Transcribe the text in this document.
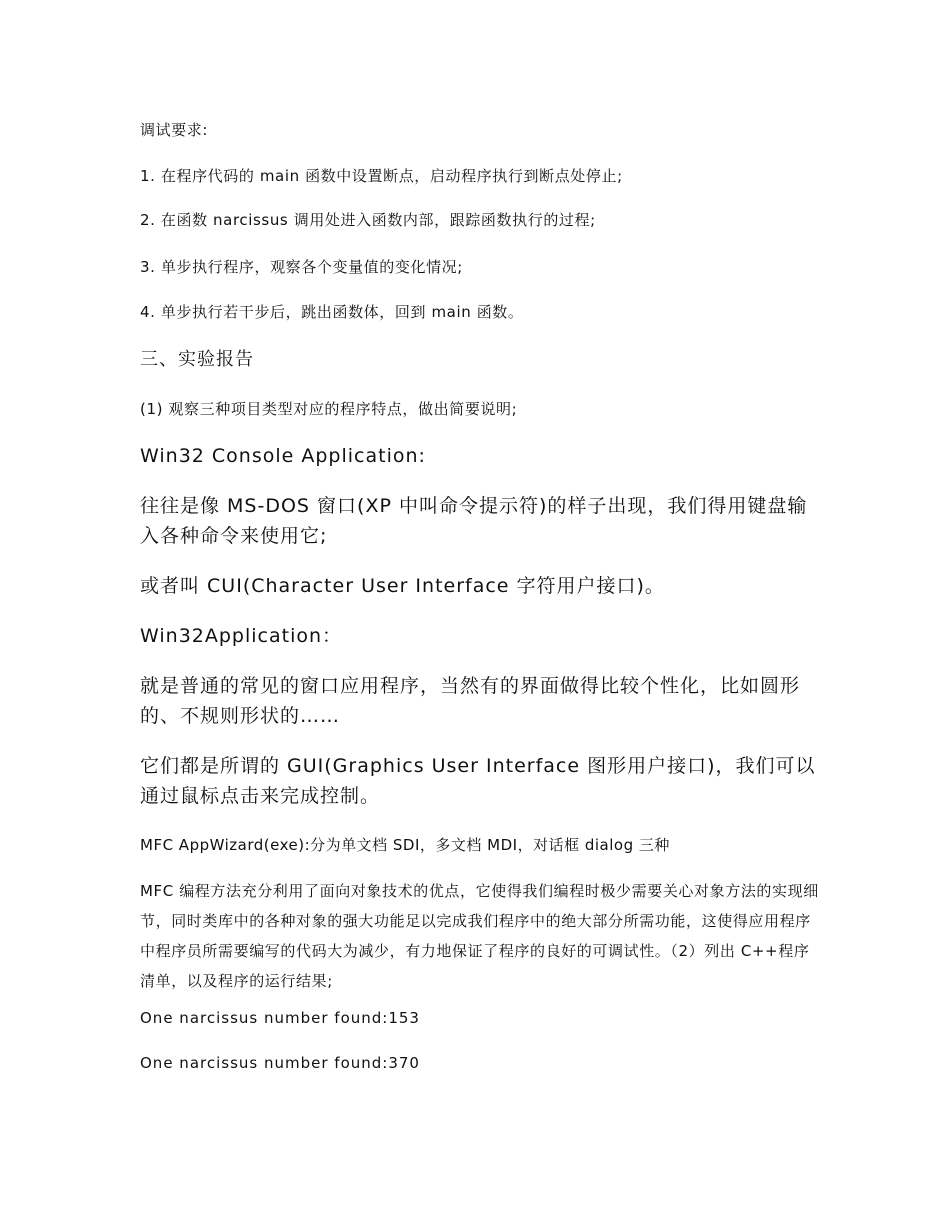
调试要求:
1. 在程序代码的 main 函数中设置断点，启动程序执行到断点处停止;
2. 在函数 narcissus 调用处进入函数内部，跟踪函数执行的过程;
3. 单步执行程序，观察各个变量值的变化情况;
4. 单步执行若干步后，跳出函数体，回到 main 函数。
三、实验报告
(1) 观察三种项目类型对应的程序特点，做出简要说明;
Win32 Console Application:
往往是像 MS-DOS 窗口(XP 中叫命令提示符)的样子出现，我们得用键盘输入各种命令来使用它;
或者叫 CUI(Character User Interface 字符用户接口)。
Win32Application：
就是普通的常见的窗口应用程序，当然有的界面做得比较个性化，比如圆形的、不规则形状的……
它们都是所谓的 GUI(Graphics User Interface 图形用户接口)，我们可以通过鼠标点击来完成控制。
MFC AppWizard(exe):分为单文档 SDI，多文档 MDI，对话框 dialog 三种
MFC 编程方法充分利用了面向对象技术的优点，它使得我们编程时极少需要关心对象方法的实现细节，同时类库中的各种对象的强大功能足以完成我们程序中的绝大部分所需功能，这使得应用程序中程序员所需要编写的代码大为减少，有力地保证了程序的良好的可调试性。（2）列出 C++程序清单，以及程序的运行结果;
One narcissus number found:153
One narcissus number found:370
